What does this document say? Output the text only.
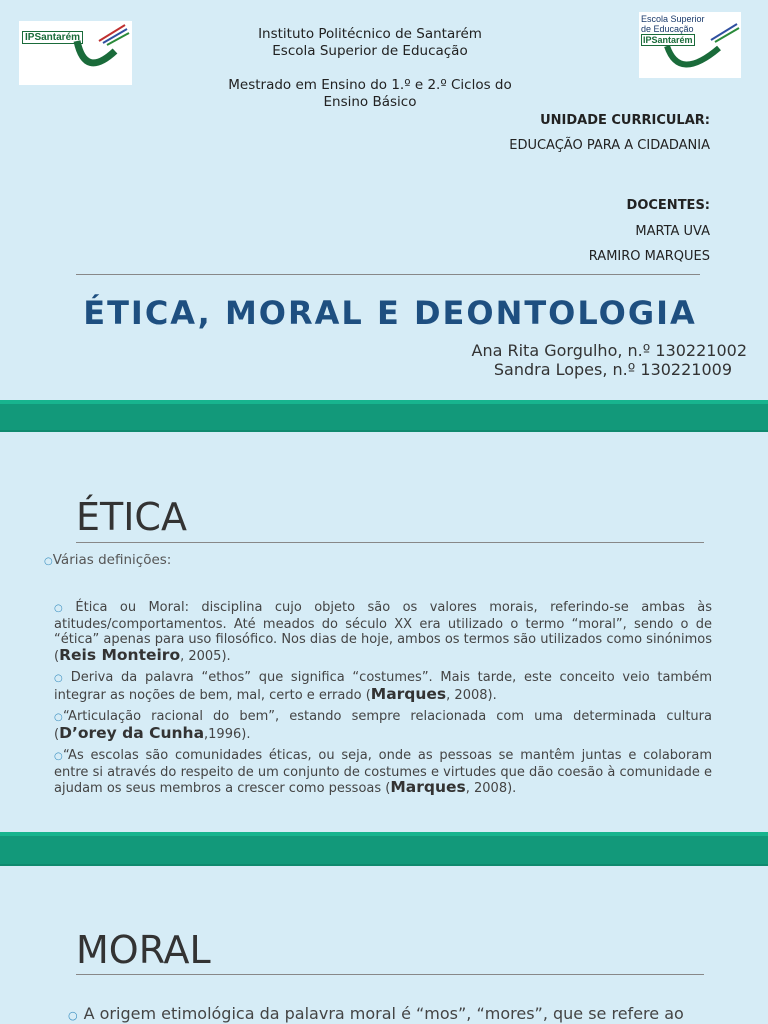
IPSantarém
Escola Superior
de Educação
IPSantarém
Instituto Politécnico de Santarém
Escola Superior de Educação
Mestrado em Ensino do 1.º e 2.º Ciclos do
Ensino Básico
UNIDADE CURRICULAR:
EDUCAÇÃO PARA A CIDADANIA
DOCENTES:
MARTA UVA
RAMIRO MARQUES
ÉTICA, MORAL E DEONTOLOGIA
Ana Rita Gorgulho, n.º 130221002
Sandra Lopes, n.º 130221009
ÉTICA
○Várias definições:
○ Ética ou Moral: disciplina cujo objeto são os valores morais, referindo-se ambas às atitudes/comportamentos. Até meados do século XX era utilizado o termo “moral”, sendo o de “ética” apenas para uso filosófico. Nos dias de hoje, ambos os termos são utilizados como sinónimos (Reis Monteiro, 2005).
○ Deriva da palavra “ethos” que significa “costumes”. Mais tarde, este conceito veio também integrar as noções de bem, mal, certo e errado (Marques, 2008).
○“Articulação racional do bem”, estando sempre relacionada com uma determinada cultura (D’orey da Cunha,1996).
○“As escolas são comunidades éticas, ou seja, onde as pessoas se mantêm juntas e colaboram entre si através do respeito de um conjunto de costumes e virtudes que dão coesão à comunidade e ajudam os seus membros a crescer como pessoas (Marques, 2008).
MORAL
○ A origem etimológica da palavra moral é “mos”, “mores”, que se refere ao
